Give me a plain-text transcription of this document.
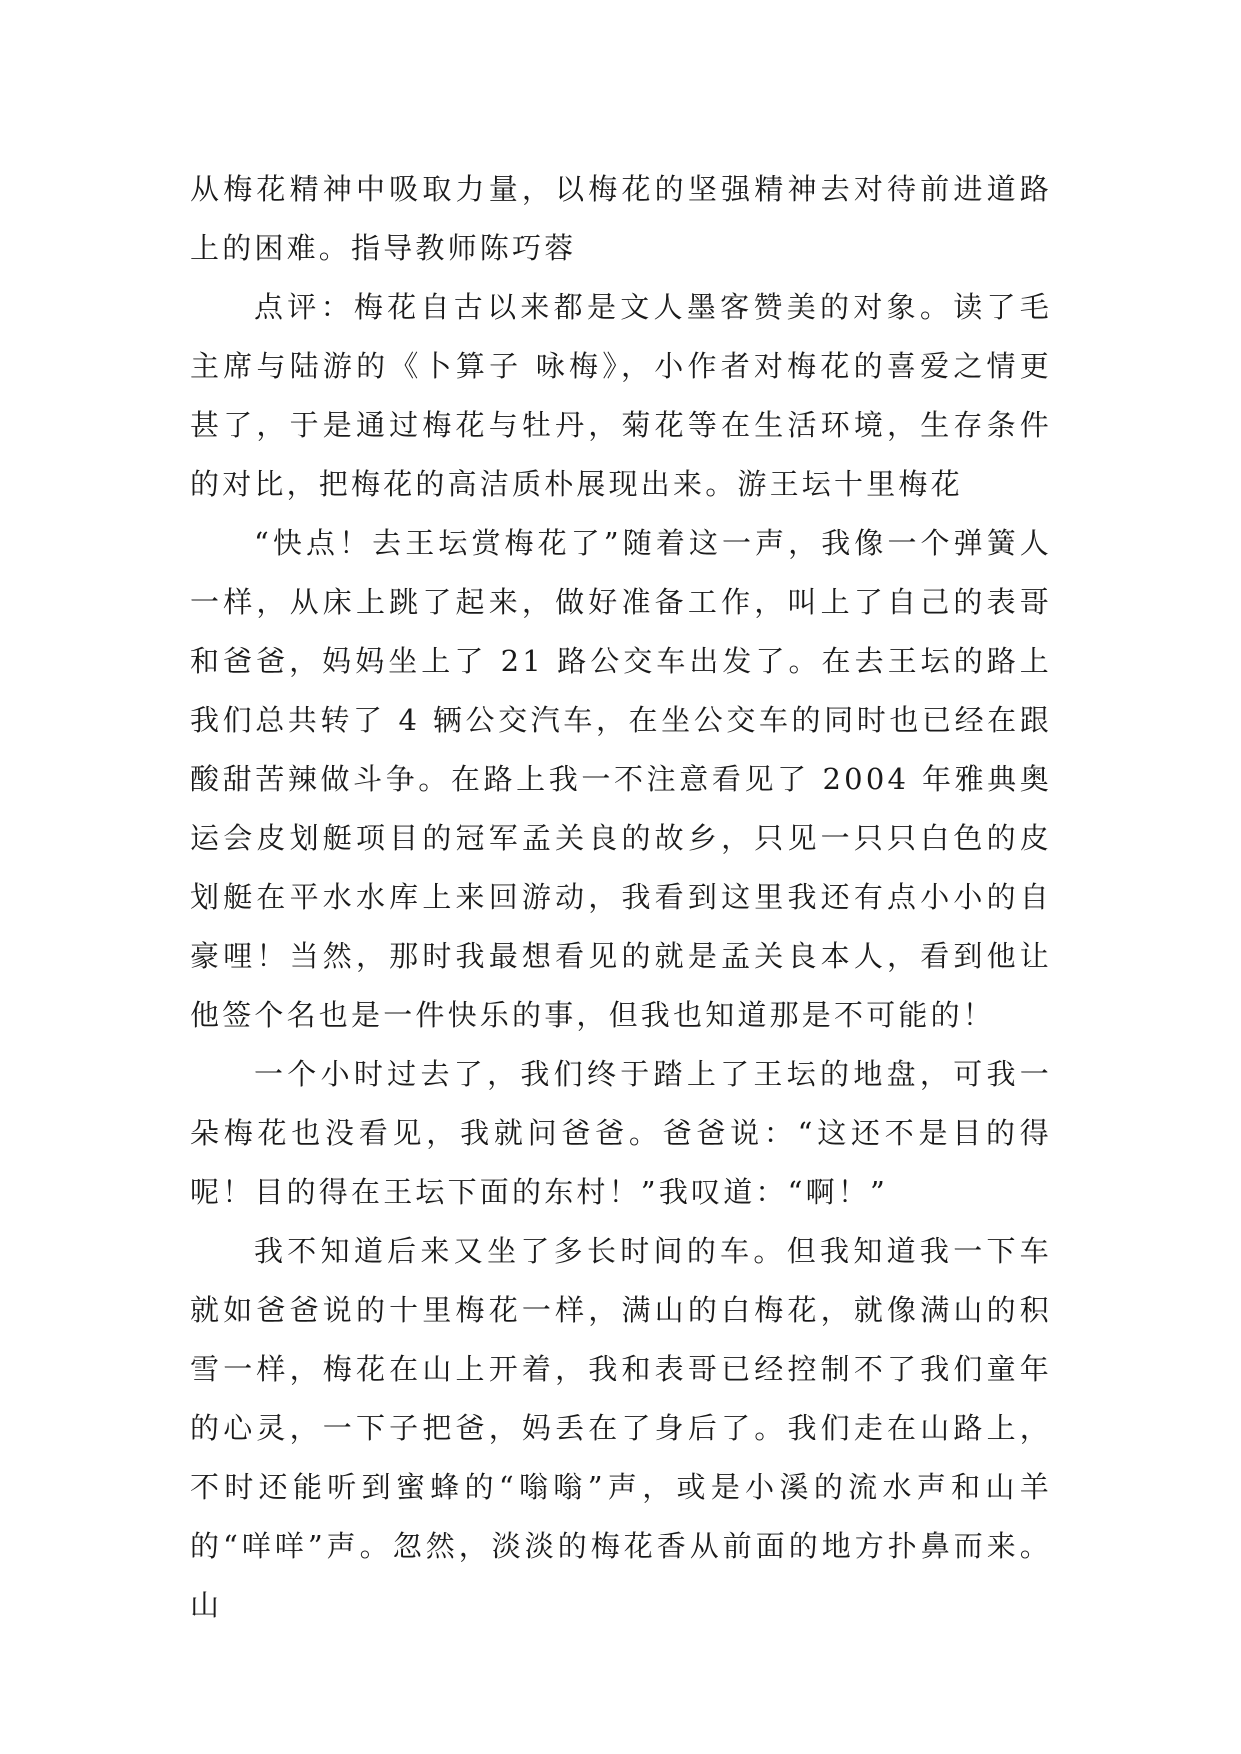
从梅花精神中吸取力量，以梅花的坚强精神去对待前进道路上的困难。指导教师陈巧蓉

点评：梅花自古以来都是文人墨客赞美的对象。读了毛主席与陆游的《卜算子 咏梅》，小作者对梅花的喜爱之情更甚了，于是通过梅花与牡丹，菊花等在生活环境，生存条件的对比，把梅花的高洁质朴展现出来。游王坛十里梅花

“快点！去王坛赏梅花了”随着这一声，我像一个弹簧人一样，从床上跳了起来，做好准备工作，叫上了自己的表哥和爸爸，妈妈坐上了 21 路公交车出发了。在去王坛的路上我们总共转了 4 辆公交汽车，在坐公交车的同时也已经在跟酸甜苦辣做斗争。在路上我一不注意看见了 2004 年雅典奥运会皮划艇项目的冠军孟关良的故乡，只见一只只白色的皮划艇在平水水库上来回游动，我看到这里我还有点小小的自豪哩！当然，那时我最想看见的就是孟关良本人，看到他让他签个名也是一件快乐的事，但我也知道那是不可能的！

一个小时过去了，我们终于踏上了王坛的地盘，可我一朵梅花也没看见，我就问爸爸。爸爸说：“这还不是目的得呢！目的得在王坛下面的东村！”我叹道：“啊！”

我不知道后来又坐了多长时间的车。但我知道我一下车就如爸爸说的十里梅花一样，满山的白梅花，就像满山的积雪一样，梅花在山上开着，我和表哥已经控制不了我们童年的心灵，一下子把爸，妈丢在了身后了。我们走在山路上，不时还能听到蜜蜂的“嗡嗡”声，或是小溪的流水声和山羊的“咩咩”声。忽然，淡淡的梅花香从前面的地方扑鼻而来。山
